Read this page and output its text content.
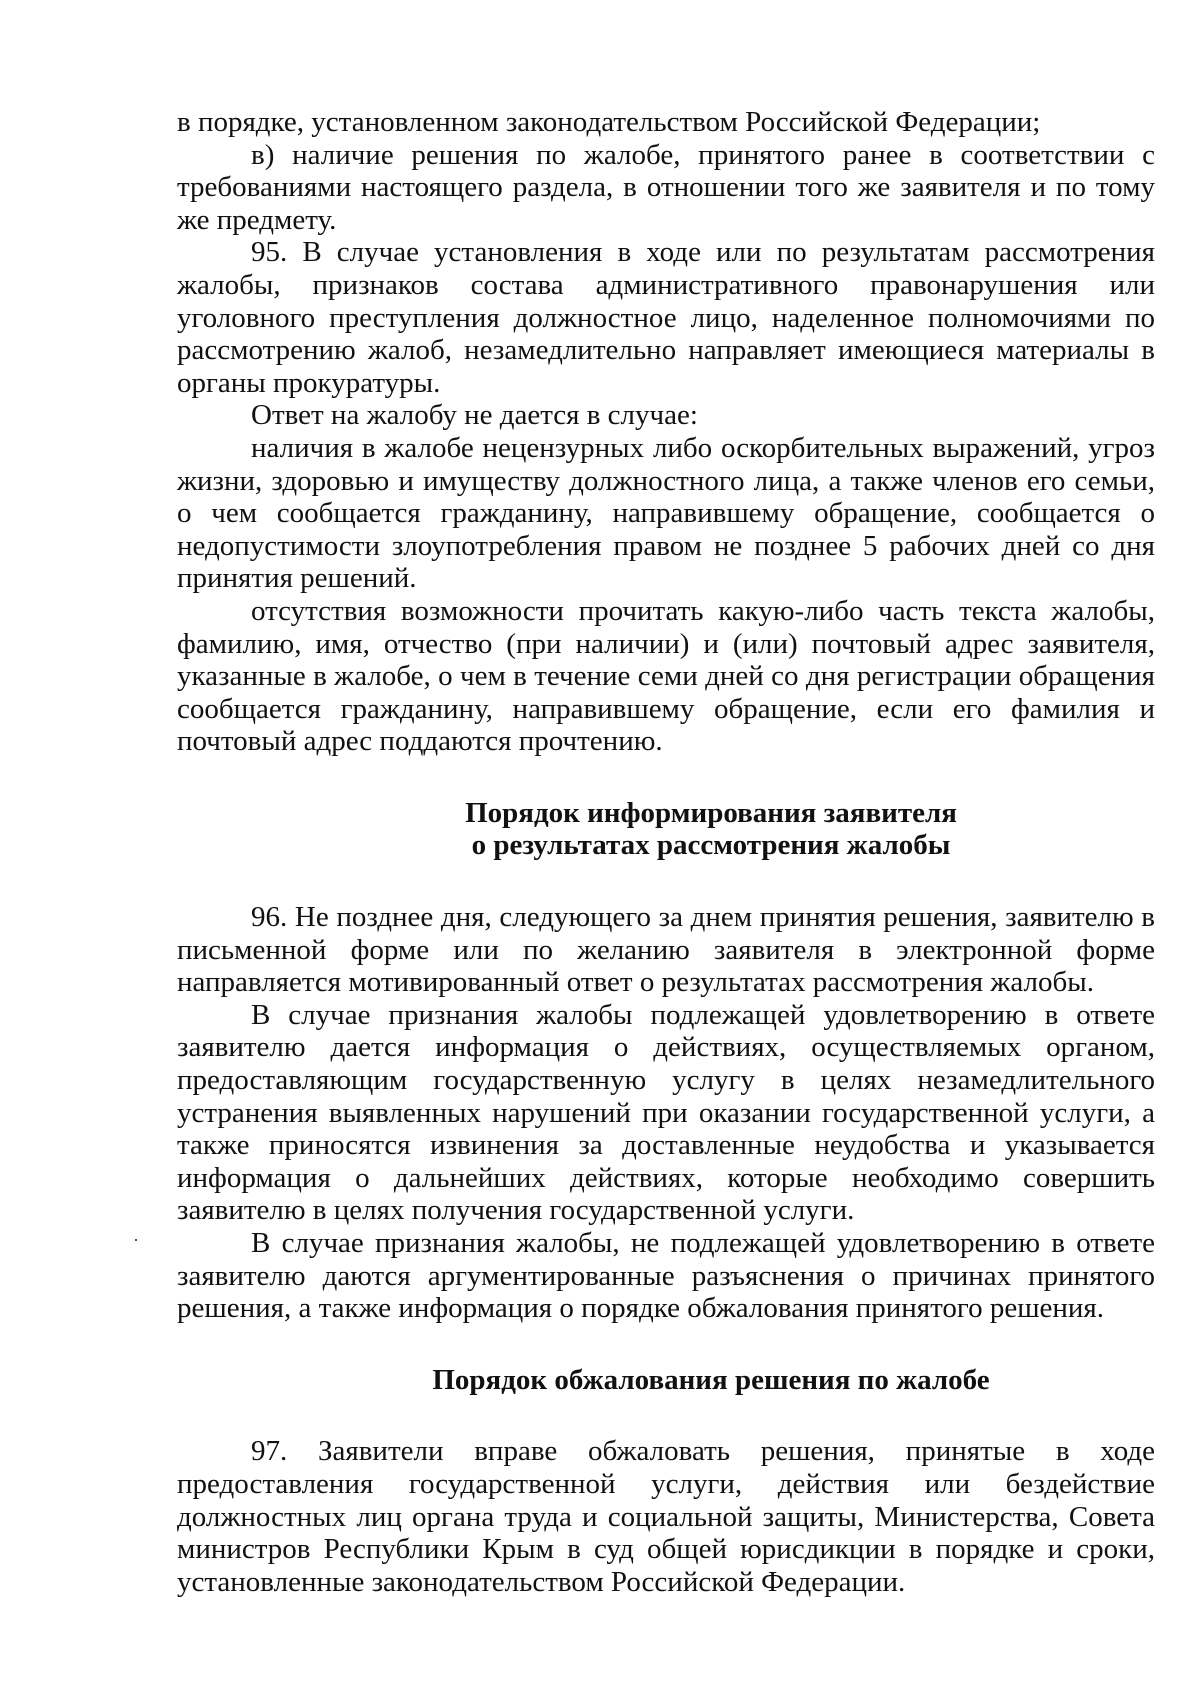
в порядке, установленном законодательством Российской Федерации;

в) наличие решения по жалобе, принятого ранее в соответствии с требованиями настоящего раздела, в отношении того же заявителя и по тому же предмету.

95. В случае установления в ходе или по результатам рассмотрения жалобы, признаков состава административного правонарушения или уголовного преступления должностное лицо, наделенное полномочиями по рассмотрению жалоб, незамедлительно направляет имеющиеся материалы в органы прокуратуры.

Ответ на жалобу не дается в случае:

наличия в жалобе нецензурных либо оскорбительных выражений, угроз жизни, здоровью и имуществу должностного лица, а также членов его семьи, о чем сообщается гражданину, направившему обращение, сообщается о недопустимости злоупотребления правом не позднее 5 рабочих дней со дня принятия решений.

отсутствия возможности прочитать какую-либо часть текста жалобы, фамилию, имя, отчество (при наличии) и (или) почтовый адрес заявителя, указанные в жалобе, о чем в течение семи дней со дня регистрации обращения сообщается гражданину, направившему обращение, если его фамилия и почтовый адрес поддаются прочтению.

Порядок информирования заявителя
о результатах рассмотрения жалобы

96. Не позднее дня, следующего за днем принятия решения, заявителю в письменной форме или по желанию заявителя в электронной форме направляется мотивированный ответ о результатах рассмотрения жалобы.

В случае признания жалобы подлежащей удовлетворению в ответе заявителю дается информация о действиях, осуществляемых органом, предоставляющим государственную услугу в целях незамедлительного устранения выявленных нарушений при оказании государственной услуги, а также приносятся извинения за доставленные неудобства и указывается информация о дальнейших действиях, которые необходимо совершить заявителю в целях получения государственной услуги.

В случае признания жалобы, не подлежащей удовлетворению в ответе заявителю даются аргументированные разъяснения о причинах принятого решения, а также информация о порядке обжалования принятого решения.

Порядок обжалования решения по жалобе

97. Заявители вправе обжаловать решения, принятые в ходе предоставления государственной услуги, действия или бездействие должностных лиц органа труда и социальной защиты, Министерства, Совета министров Республики Крым в суд общей юрисдикции в порядке и сроки, установленные законодательством Российской Федерации.
